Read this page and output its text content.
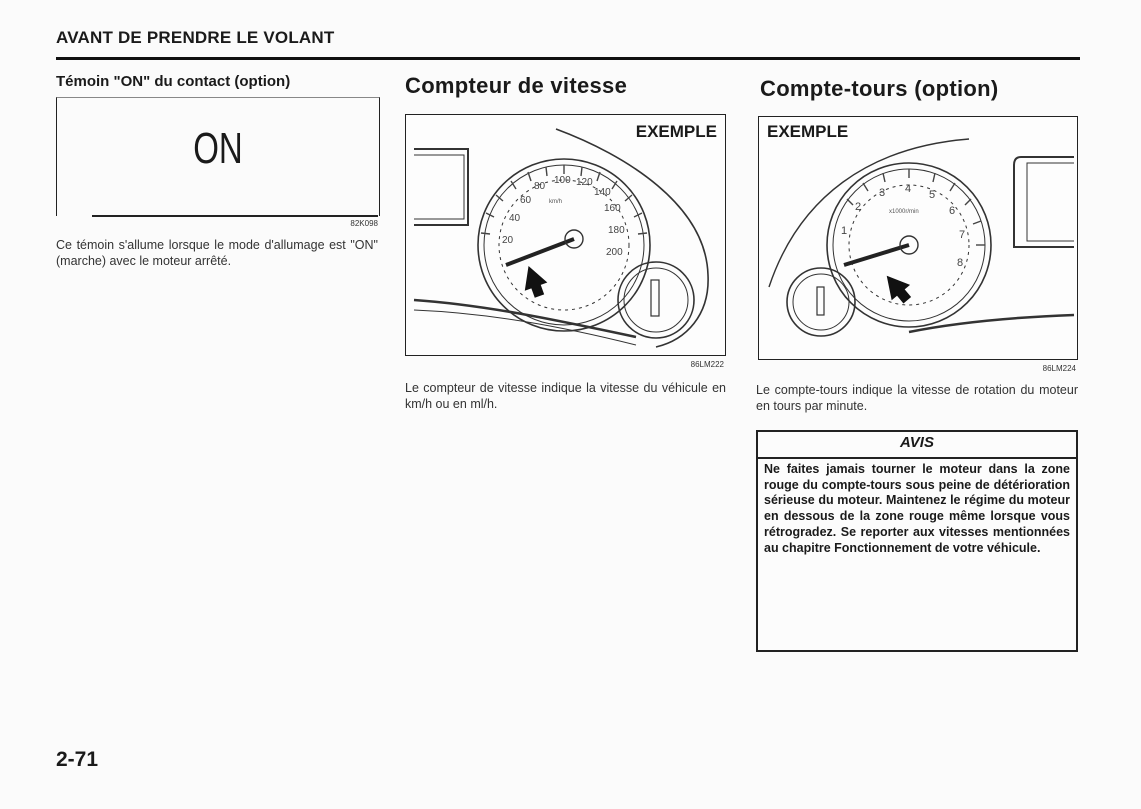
AVANT DE PRENDRE LE VOLANT
Témoin "ON" du contact (option)
ON
82K098
Ce témoin s'allume lorsque le mode d'allumage est "ON" (marche) avec le moteur arrêté.
Compteur de vitesse
EXEMPLE
km/h
20
40
60
80
100 120
140
160
180
200
86LM222
Le compteur de vitesse indique la vitesse du véhicule en km/h ou en ml/h.
Compte-tours (option)
EXEMPLE
x1000r/min
1
2
3 4 5
6
7
8
86LM224
Le compte-tours indique la vitesse de rotation du moteur en tours par minute.
AVIS
Ne faites jamais tourner le moteur dans la zone rouge du compte-tours sous peine de détérioration sérieuse du moteur. Maintenez le régime du moteur en dessous de la zone rouge même lorsque vous rétrogradez. Se reporter aux vitesses mentionnées au chapitre Fonctionnement de votre véhicule.
2-71
